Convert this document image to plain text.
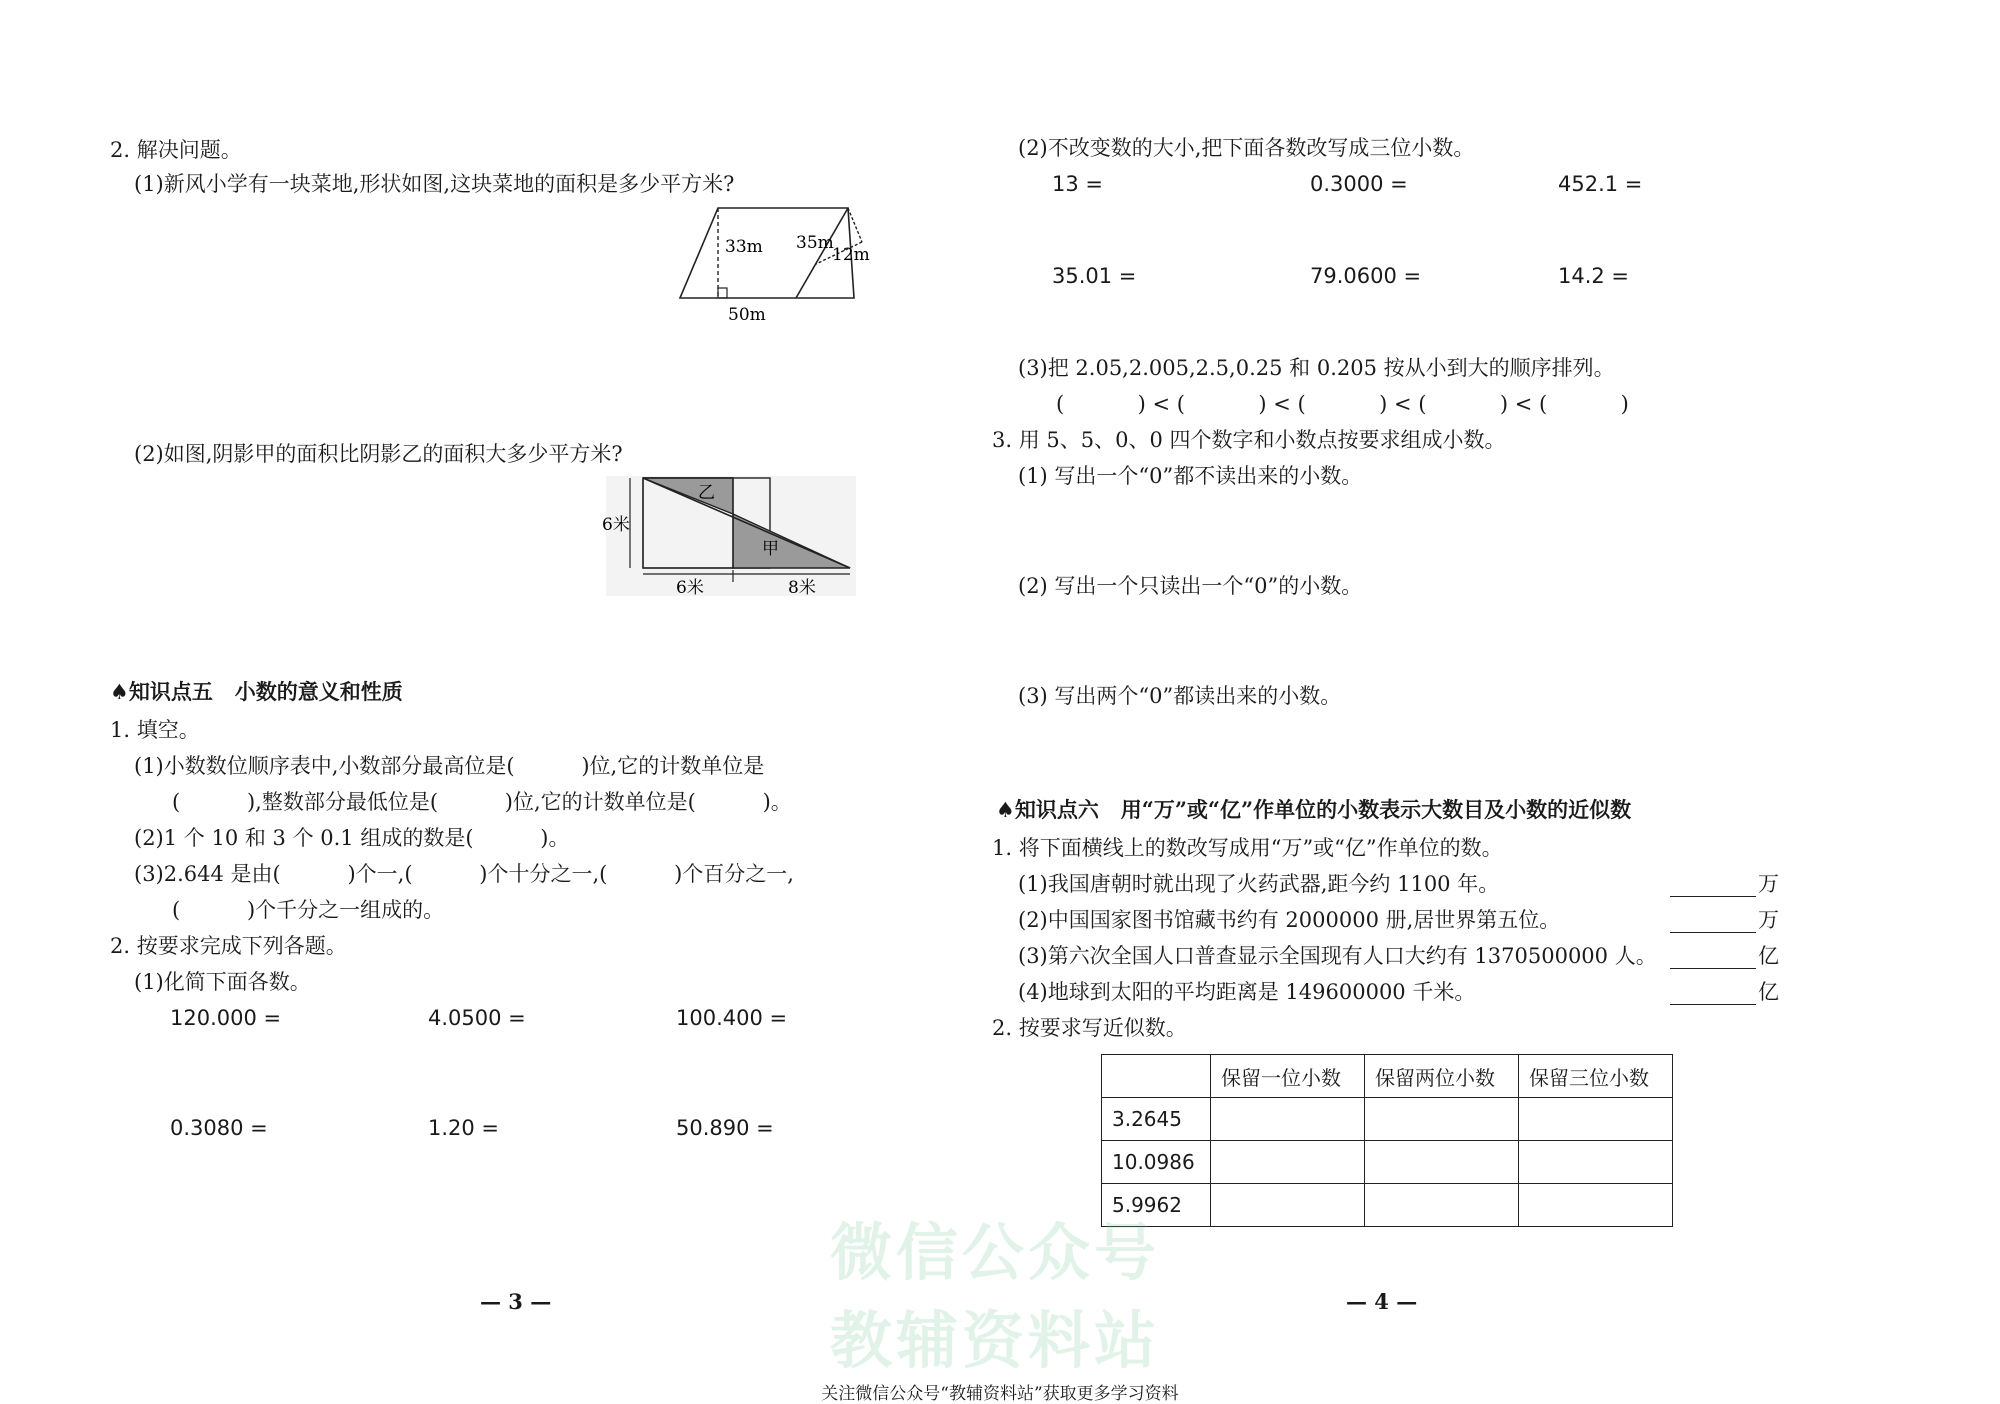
2. 解决问题。
(1)新风小学有一块菜地,形状如图,这块菜地的面积是多少平方米?
33m 35m
12m
50m
(2)如图,阴影甲的面积比阴影乙的面积大多少平方米?
乙
甲
6米
6米	8米
♠知识点五   小数的意义和性质
1. 填空。
(1)小数数位顺序表中,小数部分最高位是(          )位,它的计数单位是
(          ),整数部分最低位是(          )位,它的计数单位是(          )。
(2)1 个 10 和 3 个 0.1 组成的数是(          )。
(3)2.644 是由(          )个一,(          )个十分之一,(          )个百分之一,
(          )个千分之一组成的。
2. 按要求完成下列各题。
(1)化简下面各数。
120.000 =	4.0500 =	100.400 =
0.3080 =	1.20 =	50.890 =
— 3 —
(2)不改变数的大小,把下面各数改写成三位小数。
13 =	0.3000 =	452.1 =
35.01 =	79.0600 =	14.2 =
(3)把 2.05,2.005,2.5,0.25 和 0.205 按从小到大的顺序排列。
(           ) < (           ) < (           ) < (           ) < (           )
3. 用 5、5、0、0 四个数字和小数点按要求组成小数。
(1) 写出一个“0”都不读出来的小数。
(2) 写出一个只读出一个“0”的小数。
(3) 写出两个“0”都读出来的小数。
♠知识点六   用“万”或“亿”作单位的小数表示大数目及小数的近似数
1. 将下面横线上的数改写成用“万”或“亿”作单位的数。
(1)我国唐朝时就出现了火药武器,距今约 1100 年。	万
(2)中国国家图书馆藏书约有 2000000 册,居世界第五位。	万
(3)第六次全国人口普查显示全国现有人口大约有 1370500000 人。	亿
(4)地球到太阳的平均距离是 149600000 千米。	亿
2. 按要求写近似数。
	保留一位小数	保留两位小数	保留三位小数
3.2645			
10.0986			
5.9962			
— 4 —
微信公众号
教辅资料站
关注微信公众号“教辅资料站”获取更多学习资料
